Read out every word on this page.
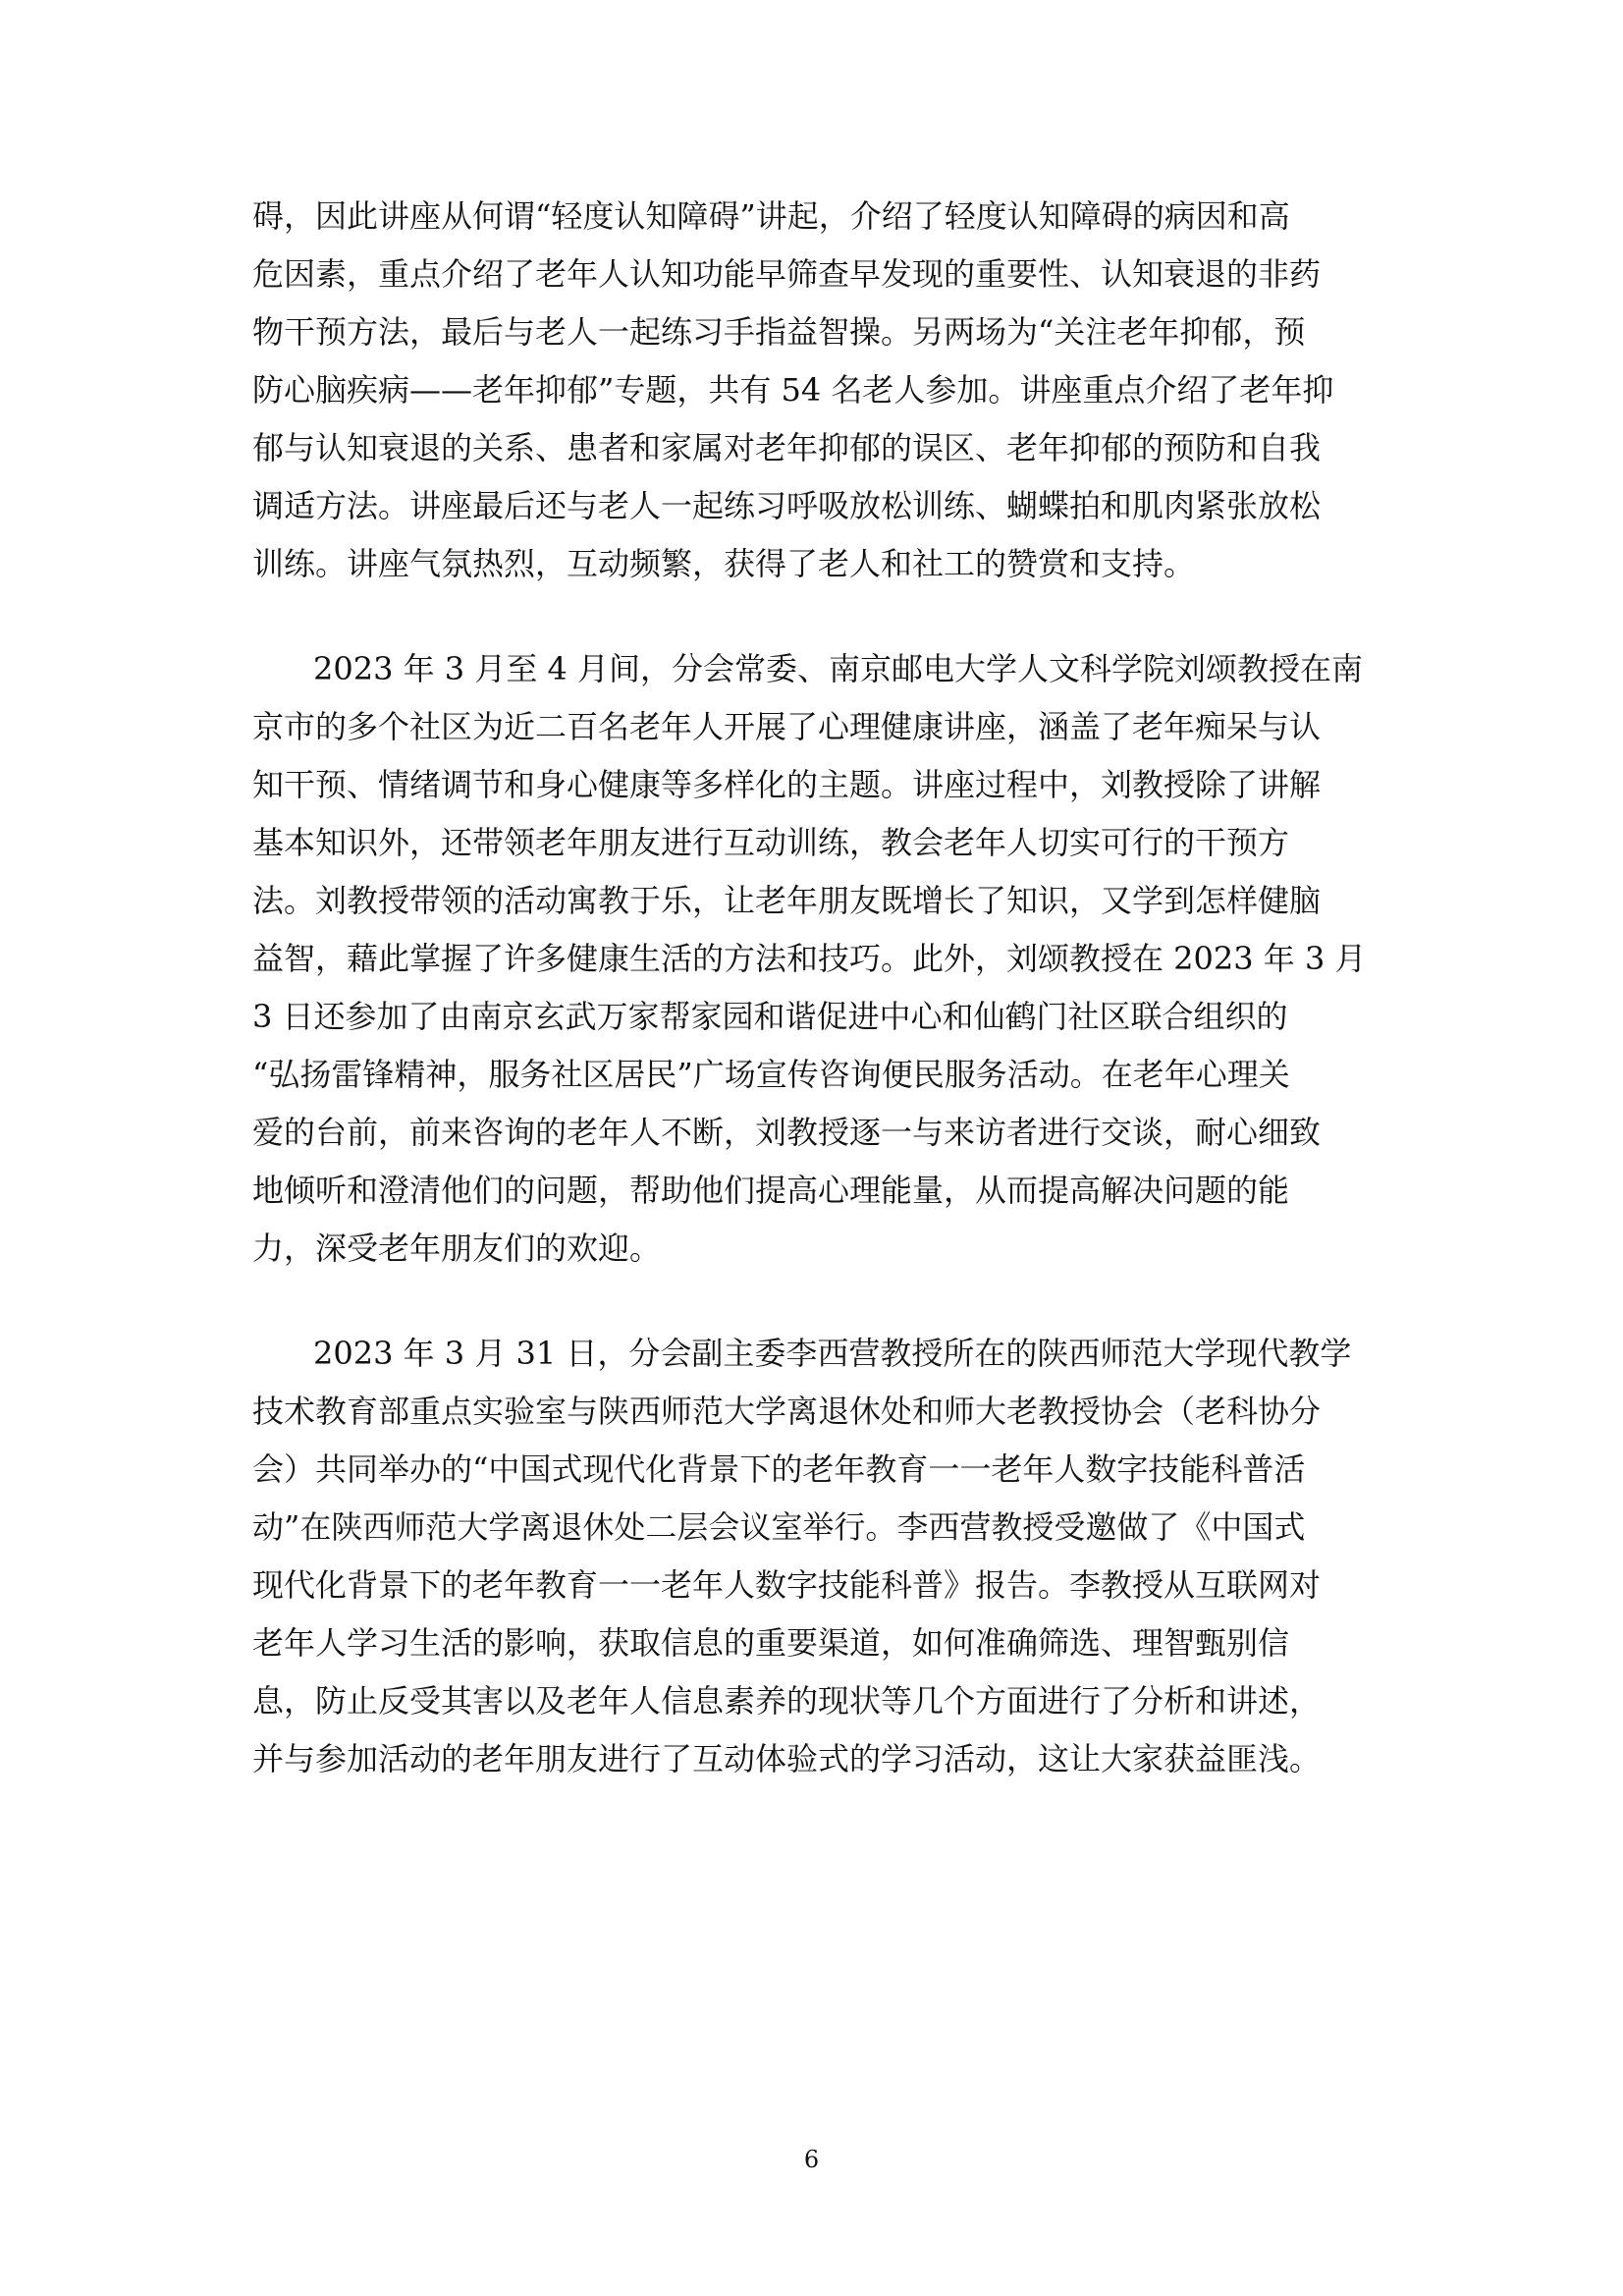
碍，因此讲座从何谓“轻度认知障碍”讲起，介绍了轻度认知障碍的病因和高
危因素，重点介绍了老年人认知功能早筛查早发现的重要性、认知衰退的非药
物干预方法，最后与老人一起练习手指益智操。另两场为“关注老年抑郁，预
防心脑疾病——老年抑郁”专题，共有 54 名老人参加。讲座重点介绍了老年抑
郁与认知衰退的关系、患者和家属对老年抑郁的误区、老年抑郁的预防和自我
调适方法。讲座最后还与老人一起练习呼吸放松训练、蝴蝶拍和肌肉紧张放松
训练。讲座气氛热烈，互动频繁，获得了老人和社工的赞赏和支持。
2023 年 3 月至 4 月间，分会常委、南京邮电大学人文科学院刘颂教授在南
京市的多个社区为近二百名老年人开展了心理健康讲座，涵盖了老年痴呆与认
知干预、情绪调节和身心健康等多样化的主题。讲座过程中，刘教授除了讲解
基本知识外，还带领老年朋友进行互动训练，教会老年人切实可行的干预方
法。刘教授带领的活动寓教于乐，让老年朋友既增长了知识，又学到怎样健脑
益智，藉此掌握了许多健康生活的方法和技巧。此外，刘颂教授在 2023 年 3 月
3 日还参加了由南京玄武万家帮家园和谐促进中心和仙鹤门社区联合组织的
“弘扬雷锋精神，服务社区居民”广场宣传咨询便民服务活动。在老年心理关
爱的台前，前来咨询的老年人不断，刘教授逐一与来访者进行交谈，耐心细致
地倾听和澄清他们的问题，帮助他们提高心理能量，从而提高解决问题的能
力，深受老年朋友们的欢迎。
2023 年 3 月 31 日，分会副主委李西营教授所在的陕西师范大学现代教学
技术教育部重点实验室与陕西师范大学离退休处和师大老教授协会（老科协分
会）共同举办的“中国式现代化背景下的老年教育一一老年人数字技能科普活
动”在陕西师范大学离退休处二层会议室举行。李西营教授受邀做了《中国式
现代化背景下的老年教育一一老年人数字技能科普》报告。李教授从互联网对
老年人学习生活的影响，获取信息的重要渠道，如何准确筛选、理智甄别信
息，防止反受其害以及老年人信息素养的现状等几个方面进行了分析和讲述，
并与参加活动的老年朋友进行了互动体验式的学习活动，这让大家获益匪浅。
6
